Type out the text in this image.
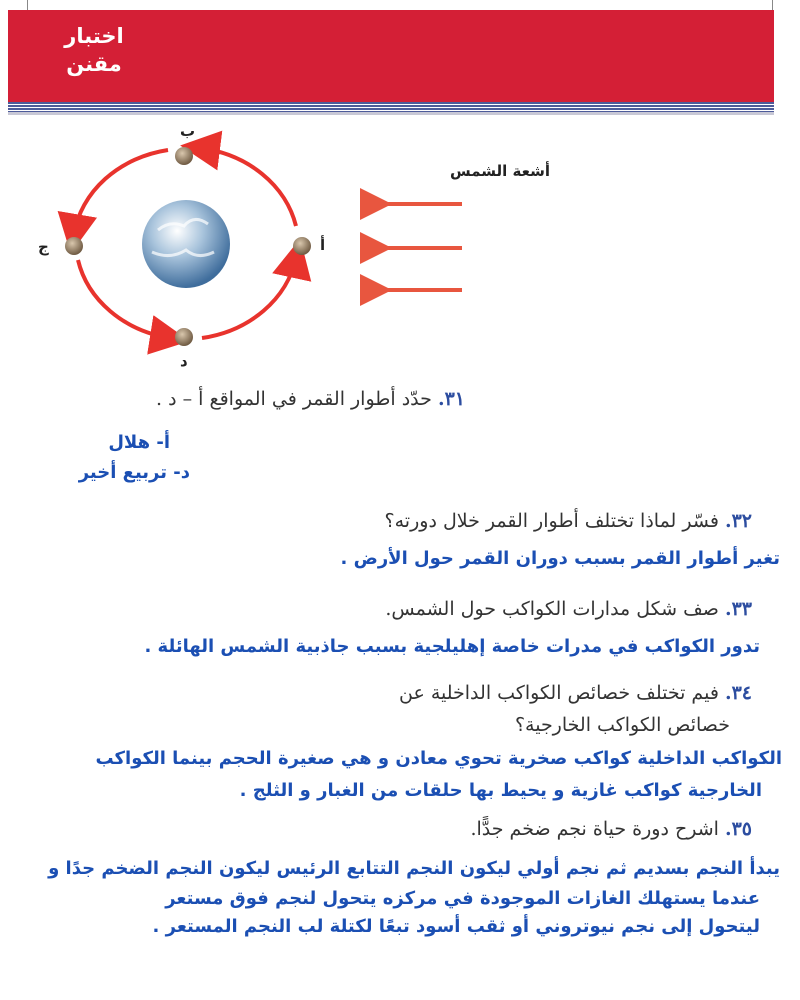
اختبار
مقنن
ب
ج	أ
د
أشعة الشمس
٣١. حدّد أطوار القمر في المواقع أ – د .
أ- هلال
د- تربيع أخير
٣٢. فسّر لماذا تختلف أطوار القمر خلال دورته؟
تغير أطوار القمر بسبب دوران القمر حول الأرض .
٣٣. صف شكل مدارات الكواكب حول الشمس.
تدور الكواكب في مدرات خاصة إهليلجية بسبب جاذبية الشمس الهائلة .
٣٤. فيم تختلف خصائص الكواكب الداخلية عن
خصائص الكواكب الخارجية؟
الكواكب الداخلية كواكب صخرية تحوي معادن و هي صغيرة الحجم بينما الكواكب
الخارجية كواكب غازية و يحيط بها حلقات من الغبار و الثلج .
٣٥. اشرح دورة حياة نجم ضخم جدًّا.
يبدأ النجم بسديم ثم نجم أولي ليكون النجم التتابع الرئيس ليكون النجم الضخم جدًا و
عندما يستهلك الغازات الموجودة في مركزه يتحول لنجم فوق مستعر
ليتحول إلى نجم نيوتروني أو ثقب أسود تبعًا لكتلة لب النجم المستعر .
